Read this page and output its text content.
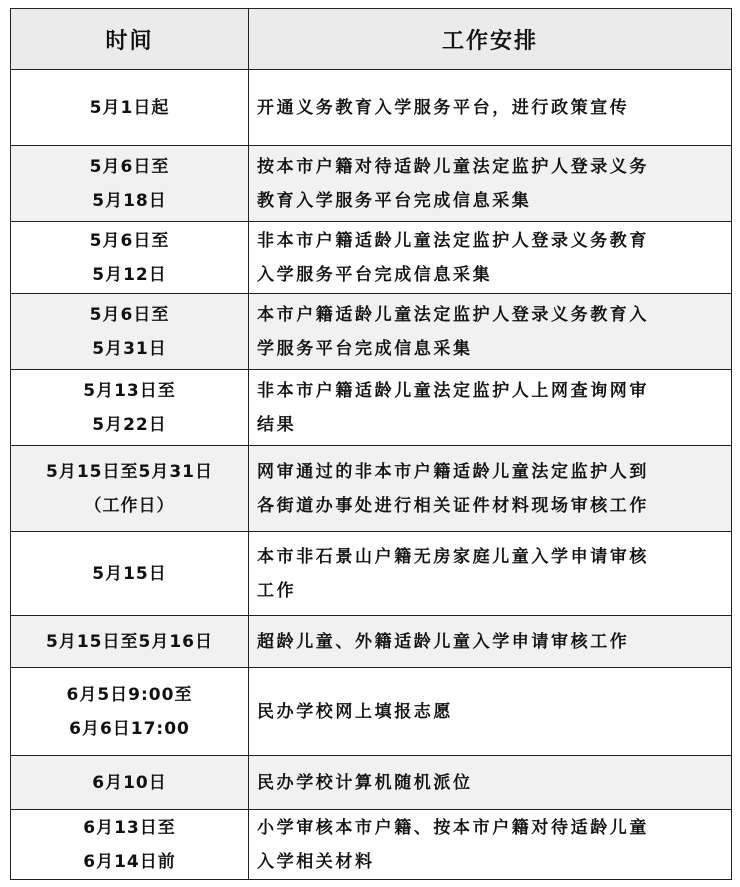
时间	工作安排

5月1日起	开通义务教育入学服务平台，进行政策宣传

5月6日至
5月18日	按本市户籍对待适龄儿童法定监护人登录义务
教育入学服务平台完成信息采集

5月6日至
5月12日	非本市户籍适龄儿童法定监护人登录义务教育
入学服务平台完成信息采集

5月6日至
5月31日	本市户籍适龄儿童法定监护人登录义务教育入
学服务平台完成信息采集

5月13日至
5月22日	非本市户籍适龄儿童法定监护人上网查询网审
结果

5月15日至5月31日
（工作日）	网审通过的非本市户籍适龄儿童法定监护人到
各街道办事处进行相关证件材料现场审核工作

5月15日	本市非石景山户籍无房家庭儿童入学申请审核
工作

5月15日至5月16日	超龄儿童、外籍适龄儿童入学申请审核工作

6月5日9:00至
6月6日17:00	民办学校网上填报志愿

6月10日	民办学校计算机随机派位

6月13日至
6月14日前	小学审核本市户籍、按本市户籍对待适龄儿童
入学相关材料
